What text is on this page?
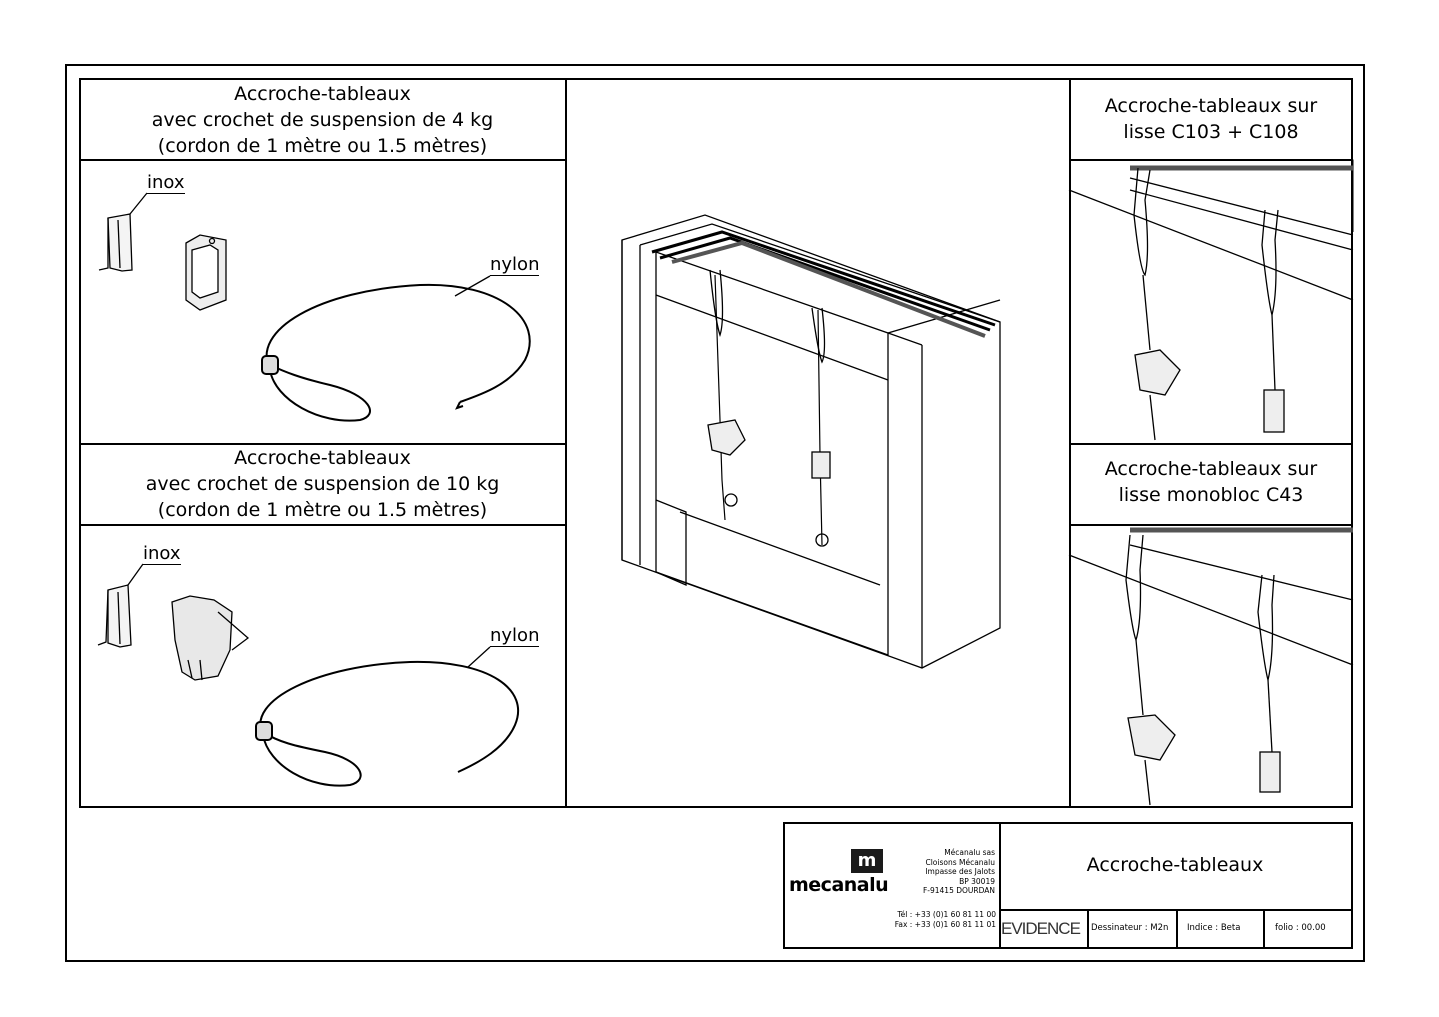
Accroche-tableaux
avec crochet de suspension de 4 kg
(cordon de 1 mètre ou 1.5 mètres)
inox
nylon
Accroche-tableaux
avec crochet de suspension de 10 kg
(cordon de 1 mètre ou 1.5 mètres)
inox
nylon
Accroche-tableaux sur
lisse C103 + C108
Accroche-tableaux sur
lisse monobloc C43
m
mecanalu
Mécanalu sas
Cloisons Mécanalu
Impasse des Jalots
BP 30019
F-91415 DOURDAN
Tél : +33 (0)1 60 81 11 00
Fax : +33 (0)1 60 81 11 01
Accroche-tableaux
EVIDENCE Dessinateur : M2n Indice : Beta	folio : 00.00
